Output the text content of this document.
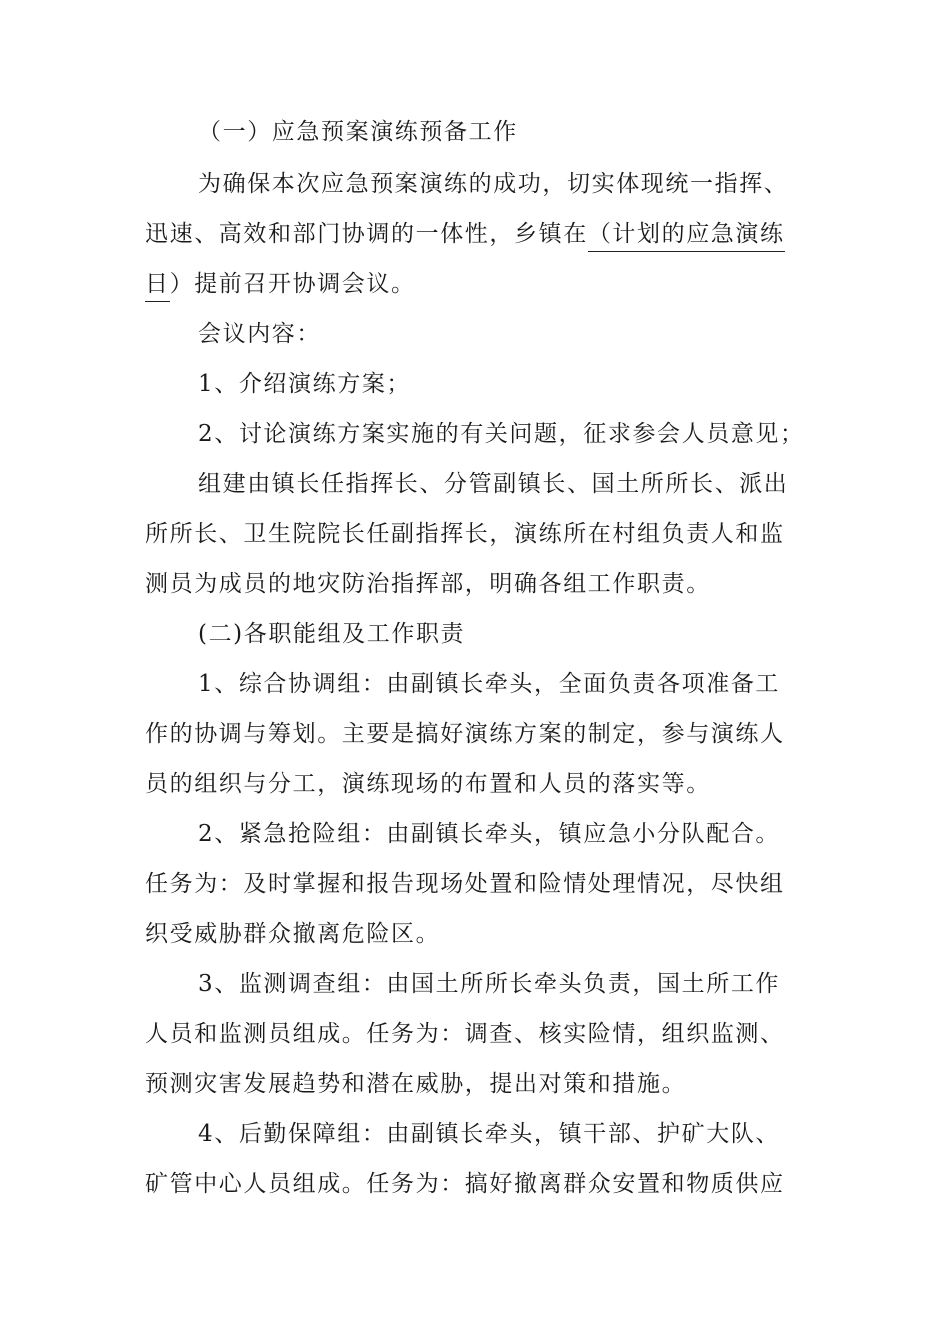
（一）应急预案演练预备工作
为确保本次应急预案演练的成功，切实体现统一指挥、
迅速、高效和部门协调的一体性，乡镇在（计划的应急演练
日）提前召开协调会议。
会议内容：
1、介绍演练方案；
2、讨论演练方案实施的有关问题，征求参会人员意见；
组建由镇长任指挥长、分管副镇长、国土所所长、派出
所所长、卫生院院长任副指挥长，演练所在村组负责人和监
测员为成员的地灾防治指挥部，明确各组工作职责。
(二)各职能组及工作职责
1、综合协调组：由副镇长牵头，全面负责各项准备工
作的协调与筹划。主要是搞好演练方案的制定，参与演练人
员的组织与分工，演练现场的布置和人员的落实等。
2、紧急抢险组：由副镇长牵头，镇应急小分队配合。
任务为：及时掌握和报告现场处置和险情处理情况，尽快组
织受威胁群众撤离危险区。
3、监测调查组：由国土所所长牵头负责，国土所工作
人员和监测员组成。任务为：调查、核实险情，组织监测、
预测灾害发展趋势和潜在威胁，提出对策和措施。
4、后勤保障组：由副镇长牵头，镇干部、护矿大队、
矿管中心人员组成。任务为：搞好撤离群众安置和物质供应
